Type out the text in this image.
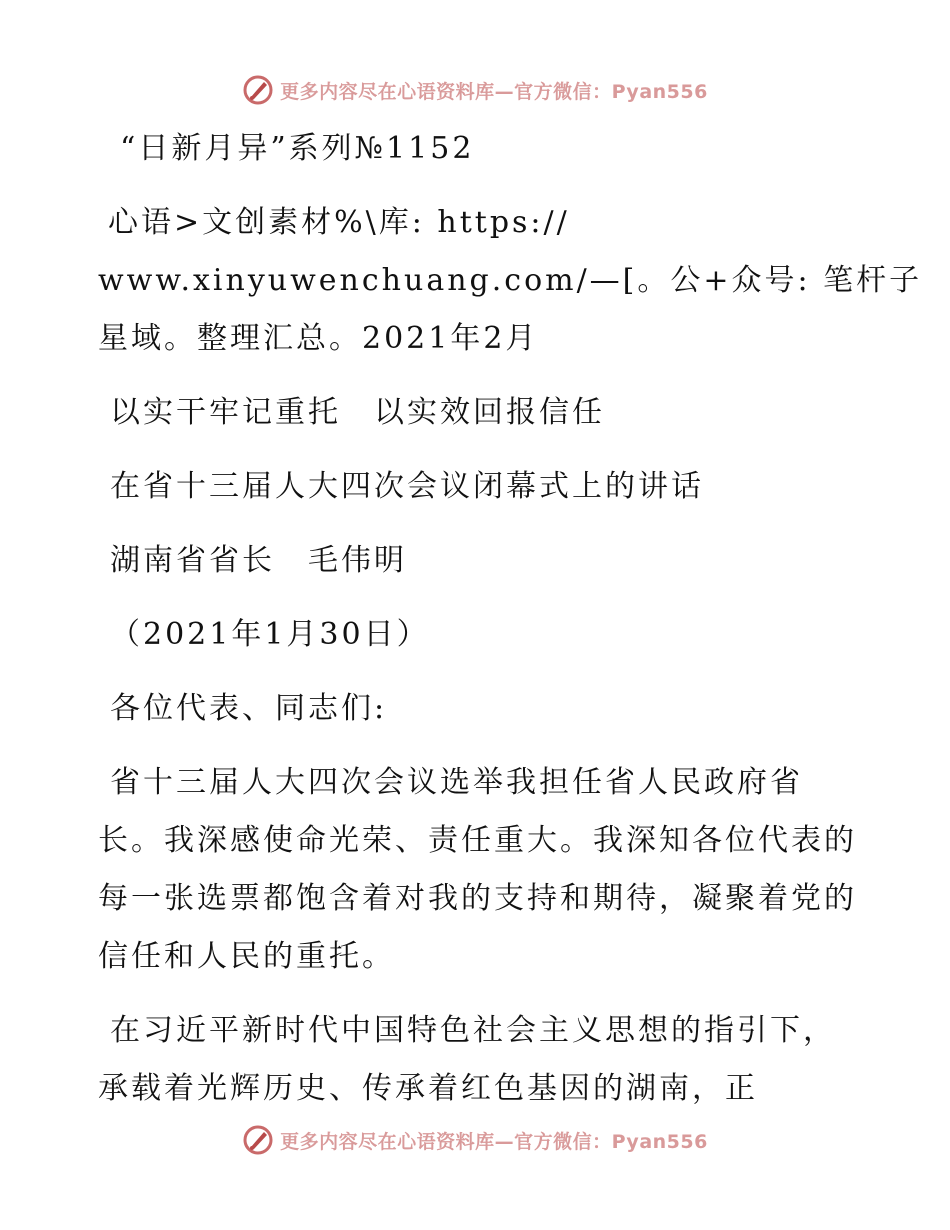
更多内容尽在心语资料库—官方微信：Pyan556

“日新月异”系列№1152

心语>文创素材%\库: https://

www.xinyuwenchuang.com/—[。公+众号: 笔杆子

星域。整理汇总。2021年2月

以实干牢记重托　以实效回报信任

在省十三届人大四次会议闭幕式上的讲话

湖南省省长　毛伟明

（2021年1月30日）

各位代表、同志们:

省十三届人大四次会议选举我担任省人民政府省长。我深感使命光荣、责任重大。我深知各位代表的每一张选票都饱含着对我的支持和期待，凝聚着党的信任和人民的重托。

在习近平新时代中国特色社会主义思想的指引下，承载着光辉历史、传承着红色基因的湖南，正

更多内容尽在心语资料库—官方微信：Pyan556
